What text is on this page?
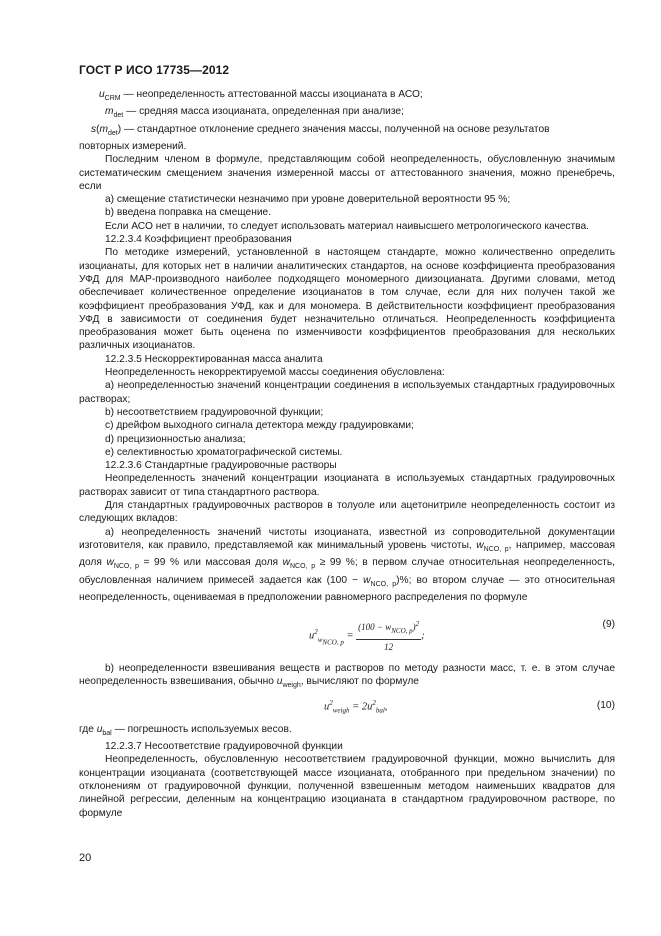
ГОСТ Р ИСО 17735—2012

$u_{CRM}$ — неопределенность аттестованной массы изоцианата в АСО;

$m_{det}$ — средняя масса изоцианата, определенная при анализе;

$s(m_{det})$ — стандартное отклонение среднего значения массы, полученной на основе результатов

повторных измерений.

Последним членом в формуле, представляющим собой неопределенность, обусловленную значимым систематическим смещением значения измеренной массы от аттестованного значения, можно пренебречь, если

a) смещение статистически незначимо при уровне доверительной вероятности 95 %;

b) введена поправка на смещение.

Если АСО нет в наличии, то следует использовать материал наивысшего метрологического качества.

12.2.3.4 Коэффициент преобразования

По методике измерений, установленной в настоящем стандарте, можно количественно определить изоцианаты, для которых нет в наличии аналитических стандартов, на основе коэффициента преобразования УФД для МАР-производного наиболее подходящего мономерного диизоцианата. Другими словами, метод обеспечивает количественное определение изоцианатов в том случае, если для них получен такой же коэффициент преобразования УФД, как и для мономера. В действительности коэффициент преобразования УФД в зависимости от соединения будет незначительно отличаться. Неопределенность коэффициента преобразования может быть оценена по изменчивости коэффициентов преобразования для нескольких различных изоцианатов.

12.2.3.5 Нескорректированная масса аналита

Неопределенность некорректируемой массы соединения обусловлена:

a) неопределенностью значений концентрации соединения в используемых стандартных градуировочных растворах;

b) несоответствием градуировочной функции;

c) дрейфом выходного сигнала детектора между градуировками;

d) прецизионностью анализа;

e) селективностью хроматографической системы.

12.2.3.6 Стандартные градуировочные растворы

Неопределенность значений концентрации изоцианата в используемых стандартных градуировочных растворах зависит от типа стандартного раствора.

Для стандартных градуировочных растворов в толуоле или ацетонитриле неопределенность состоит из следующих вкладов:

a) неопределенность значений чистоты изоцианата, известной из сопроводительной документации изготовителя, как правило, представляемой как минимальный уровень чистоты, $w_{NCO, p}$, например, массовая доля $w_{NCO, p} = 99$ % или массовая доля $w_{NCO, p} \ge 99$ %; в первом случае относительная неопределенность, обусловленная наличием примесей задается как $(100 - w_{NCO, p})\%$; во втором случае — это относительная неопределенность, оцениваемая в предположении равномерного распределения по формуле

$u^2_{w_{NCO, p}} = \frac{(100 - w_{NCO, p})^2}{12}$ ;
(9)

b) неопределенности взвешивания веществ и растворов по методу разности масс, т. е. в этом случае неопределенность взвешивания, обычно $u_{weigh}$, вычисляют по формуле

$u^2_{weigh} = 2u^2_{bal}$,	(10)

где $u_{bal}$ — погрешность используемых весов.

12.2.3.7 Несоответствие градуировочной функции

Неопределенность, обусловленную несоответствием градуировочной функции, можно вычислить для концентрации изоцианата (соответствующей массе изоцианата, отобранного при предельном значении) по отклонениям от градуировочной функции, полученной взвешенным методом наименьших квадратов для линейной регрессии, деленным на концентрацию изоцианата в стандартном градуировочном растворе, по формуле

20
